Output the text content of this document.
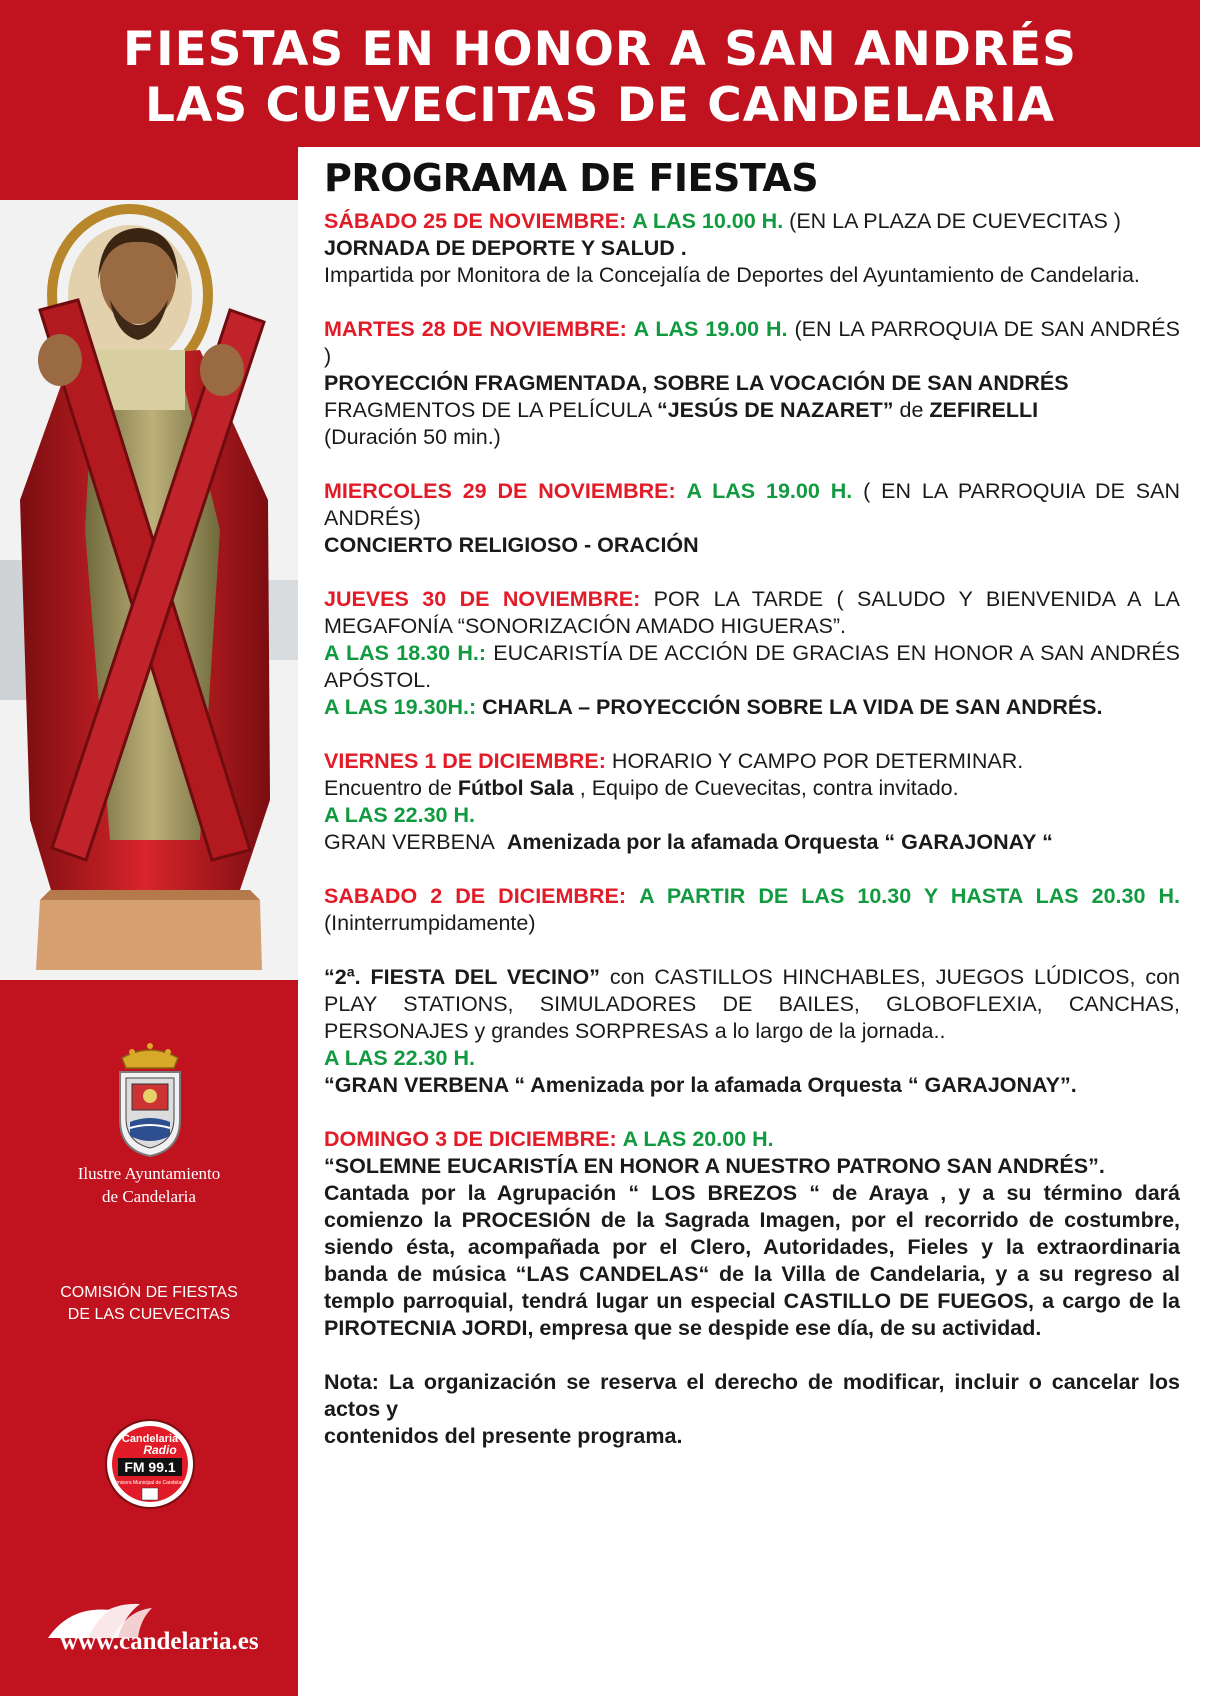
FIESTAS EN HONOR A SAN ANDRÉS
LAS CUEVECITAS DE CANDELARIA
Ilustre Ayuntamiento
de Candelaria
COMISIÓN DE FIESTAS
DE LAS CUEVECITAS
Candelaria
Radio
FM 99.1
Emisora Municipal de Candelaria
www.candelaria.es
PROGRAMA DE FIESTAS
SÁBADO 25 DE NOVIEMBRE: A LAS 10.00 H. (EN LA PLAZA DE CUEVECITAS )
JORNADA DE DEPORTE Y SALUD .
Impartida por Monitora de la Concejalía de Deportes del Ayuntamiento de Candelaria.
MARTES 28 DE NOVIEMBRE: A LAS 19.00 H. (EN LA PARROQUIA DE SAN ANDRÉS )
PROYECCIÓN FRAGMENTADA, SOBRE LA VOCACIÓN DE SAN ANDRÉS
FRAGMENTOS DE LA PELÍCULA “JESÚS DE NAZARET” de ZEFIRELLI
(Duración 50 min.)
MIERCOLES 29 DE NOVIEMBRE: A LAS 19.00 H. ( EN LA PARROQUIA DE SAN ANDRÉS)
CONCIERTO RELIGIOSO - ORACIÓN
JUEVES 30 DE NOVIEMBRE: POR LA TARDE ( SALUDO Y BIENVENIDA A LA MEGAFONÍA “SONORIZACIÓN AMADO HIGUERAS”.
A LAS 18.30 H.: EUCARISTÍA DE ACCIÓN DE GRACIAS EN HONOR A SAN ANDRÉS APÓSTOL.
A LAS 19.30H.: CHARLA – PROYECCIÓN SOBRE LA VIDA DE SAN ANDRÉS.
VIERNES 1 DE DICIEMBRE: HORARIO Y CAMPO POR DETERMINAR.
Encuentro de Fútbol Sala , Equipo de Cuevecitas, contra invitado.
A LAS 22.30 H.
GRAN VERBENA Amenizada por la afamada Orquesta “ GARAJONAY “
SABADO 2 DE DICIEMBRE: A PARTIR DE LAS 10.30 Y HASTA LAS 20.30 H. (Ininterrumpidamente)
“2ª. FIESTA DEL VECINO” con CASTILLOS HINCHABLES, JUEGOS LÚDICOS, con PLAY STATIONS, SIMULADORES DE BAILES, GLOBOFLEXIA, CANCHAS, PERSONAJES y grandes SORPRESAS a lo largo de la jornada..
A LAS 22.30 H.
“GRAN VERBENA “ Amenizada por la afamada Orquesta “ GARAJONAY”.
DOMINGO 3 DE DICIEMBRE: A LAS 20.00 H.
“SOLEMNE EUCARISTÍA EN HONOR A NUESTRO PATRONO SAN ANDRÉS”.
Cantada por la Agrupación “ LOS BREZOS “ de Araya , y a su término dará comienzo la PROCESIÓN de la Sagrada Imagen, por el recorrido de costumbre, siendo ésta, acompañada por el Clero, Autoridades, Fieles y la extraordinaria banda de música “LAS CANDELAS“ de la Villa de Candelaria, y a su regreso al templo parroquial, tendrá lugar un especial CASTILLO DE FUEGOS, a cargo de la PIROTECNIA JORDI, empresa que se despide ese día, de su actividad.
Nota: La organización se reserva el derecho de modificar, incluir o cancelar los actos y
contenidos del presente programa.
